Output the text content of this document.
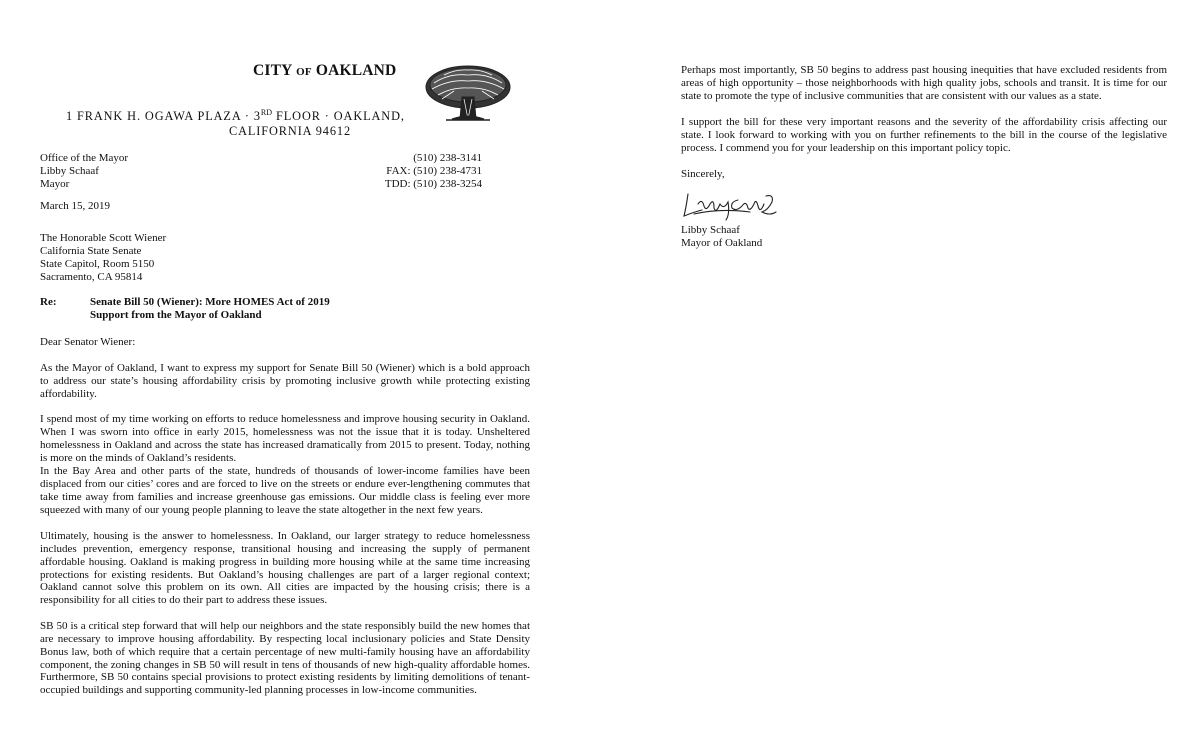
CITY OF OAKLAND
1 FRANK H. OGAWA PLAZA · 3RD FLOOR · OAKLAND,
CALIFORNIA 94612
Office of the Mayor
Libby Schaaf
Mayor
(510) 238-3141
FAX: (510) 238-4731
TDD: (510) 238-3254
March 15, 2019
The Honorable Scott Wiener
California State Senate
State Capitol, Room 5150
Sacramento, CA 95814
Re:	Senate Bill 50 (Wiener): More HOMES Act of 2019
Support from the Mayor of Oakland
Dear Senator Wiener:

As the Mayor of Oakland, I want to express my support for Senate Bill 50 (Wiener) which is a bold approach to address our state’s housing affordability crisis by promoting inclusive growth while protecting existing affordability.

I spend most of my time working on efforts to reduce homelessness and improve housing security in Oakland. When I was sworn into office in early 2015, homelessness was not the issue that it is today. Unsheltered homelessness in Oakland and across the state has increased dramatically from 2015 to present. Today, nothing is more on the minds of Oakland’s residents.

In the Bay Area and other parts of the state, hundreds of thousands of lower-income families have been displaced from our cities’ cores and are forced to live on the streets or endure ever-lengthening commutes that take time away from families and increase greenhouse gas emissions. Our middle class is feeling ever more squeezed with many of our young people planning to leave the state altogether in the next few years.

Ultimately, housing is the answer to homelessness. In Oakland, our larger strategy to reduce homelessness includes prevention, emergency response, transitional housing and increasing the supply of permanent affordable housing. Oakland is making progress in building more housing while at the same time increasing protections for existing residents. But Oakland’s housing challenges are part of a larger regional context; Oakland cannot solve this problem on its own. All cities are impacted by the housing crisis; there is a responsibility for all cities to do their part to address these issues.

SB 50 is a critical step forward that will help our neighbors and the state responsibly build the new homes that are necessary to improve housing affordability. By respecting local inclusionary policies and State Density Bonus law, both of which require that a certain percentage of new multi-family housing have an affordability component, the zoning changes in SB 50 will result in tens of thousands of new high-quality affordable homes. Furthermore, SB 50 contains special provisions to protect existing residents by limiting demolitions of tenant-occupied buildings and supporting community-led planning processes in low-income communities.

Perhaps most importantly, SB 50 begins to address past housing inequities that have excluded residents from areas of high opportunity – those neighborhoods with high quality jobs, schools and transit. It is time for our state to promote the type of inclusive communities that are consistent with our values as a state.

I support the bill for these very important reasons and the severity of the affordability crisis affecting our state. I look forward to working with you on further refinements to the bill in the course of the legislative process. I commend you for your leadership on this important policy topic.

Sincerely,
Libby Schaaf
Mayor of Oakland
